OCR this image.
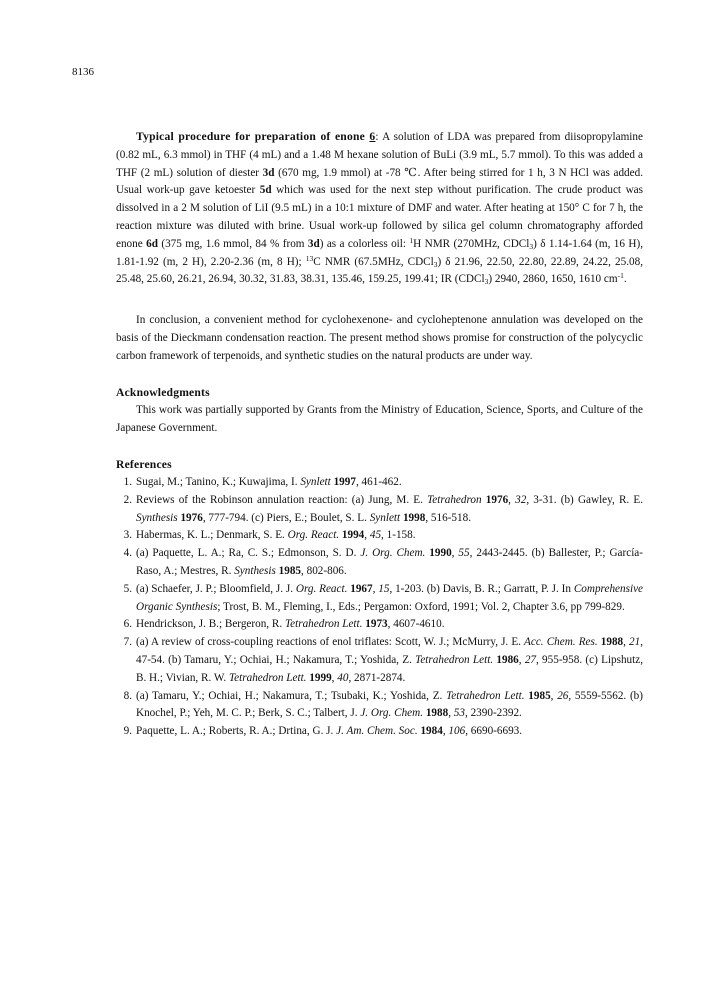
8136
Typical procedure for preparation of enone 6: A solution of LDA was prepared from diisopropylamine (0.82 mL, 6.3 mmol) in THF (4 mL) and a 1.48 M hexane solution of BuLi (3.9 mL, 5.7 mmol). To this was added a THF (2 mL) solution of diester 3d (670 mg, 1.9 mmol) at -78 ℃. After being stirred for 1 h, 3 N HCl was added. Usual work-up gave ketoester 5d which was used for the next step without purification. The crude product was dissolved in a 2 M solution of LiI (9.5 mL) in a 10:1 mixture of DMF and water. After heating at 150° C for 7 h, the reaction mixture was diluted with brine. Usual work-up followed by silica gel column chromatography afforded enone 6d (375 mg, 1.6 mmol, 84 % from 3d) as a colorless oil: $^1$H NMR (270MHz, CDCl$_3$) δ 1.14-1.64 (m, 16 H), 1.81-1.92 (m, 2 H), 2.20-2.36 (m, 8 H); $^{13}$C NMR (67.5MHz, CDCl$_3$) δ 21.96, 22.50, 22.80, 22.89, 24.22, 25.08, 25.48, 25.60, 26.21, 26.94, 30.32, 31.83, 38.31, 135.46, 159.25, 199.41; IR (CDCl$_3$) 2940, 2860, 1650, 1610 $cm^{-1}$.
In conclusion, a convenient method for cyclohexenone- and cycloheptenone annulation was developed on the basis of the Dieckmann condensation reaction. The present method shows promise for construction of the polycyclic carbon framework of terpenoids, and synthetic studies on the natural products are under way.
Acknowledgments
This work was partially supported by Grants from the Ministry of Education, Science, Sports, and Culture of the Japanese Government.
References
1. Sugai, M.; Tanino, K.; Kuwajima, I. Synlett 1997, 461-462.
2. Reviews of the Robinson annulation reaction: (a) Jung, M. E. Tetrahedron 1976, 32, 3-31. (b) Gawley, R. E. Synthesis 1976, 777-794. (c) Piers, E.; Boulet, S. L. Synlett 1998, 516-518.
3. Habermas, K. L.; Denmark, S. E. Org. React. 1994, 45, 1-158.
4. (a) Paquette, L. A.; Ra, C. S.; Edmonson, S. D. J. Org. Chem. 1990, 55, 2443-2445. (b) Ballester, P.; García-Raso, A.; Mestres, R. Synthesis 1985, 802-806.
5. (a) Schaefer, J. P.; Bloomfield, J. J. Org. React. 1967, 15, 1-203. (b) Davis, B. R.; Garratt, P. J. In Comprehensive Organic Synthesis; Trost, B. M., Fleming, I., Eds.; Pergamon: Oxford, 1991; Vol. 2, Chapter 3.6, pp 799-829.
6. Hendrickson, J. B.; Bergeron, R. Tetrahedron Lett. 1973, 4607-4610.
7. (a) A review of cross-coupling reactions of enol triflates: Scott, W. J.; McMurry, J. E. Acc. Chem. Res. 1988, 21, 47-54. (b) Tamaru, Y.; Ochiai, H.; Nakamura, T.; Yoshida, Z. Tetrahedron Lett. 1986, 27, 955-958. (c) Lipshutz, B. H.; Vivian, R. W. Tetrahedron Lett. 1999, 40, 2871-2874.
8. (a) Tamaru, Y.; Ochiai, H.; Nakamura, T.; Tsubaki, K.; Yoshida, Z. Tetrahedron Lett. 1985, 26, 5559-5562. (b) Knochel, P.; Yeh, M. C. P.; Berk, S. C.; Talbert, J. J. Org. Chem. 1988, 53, 2390-2392.
9. Paquette, L. A.; Roberts, R. A.; Drtina, G. J. J. Am. Chem. Soc. 1984, 106, 6690-6693.
